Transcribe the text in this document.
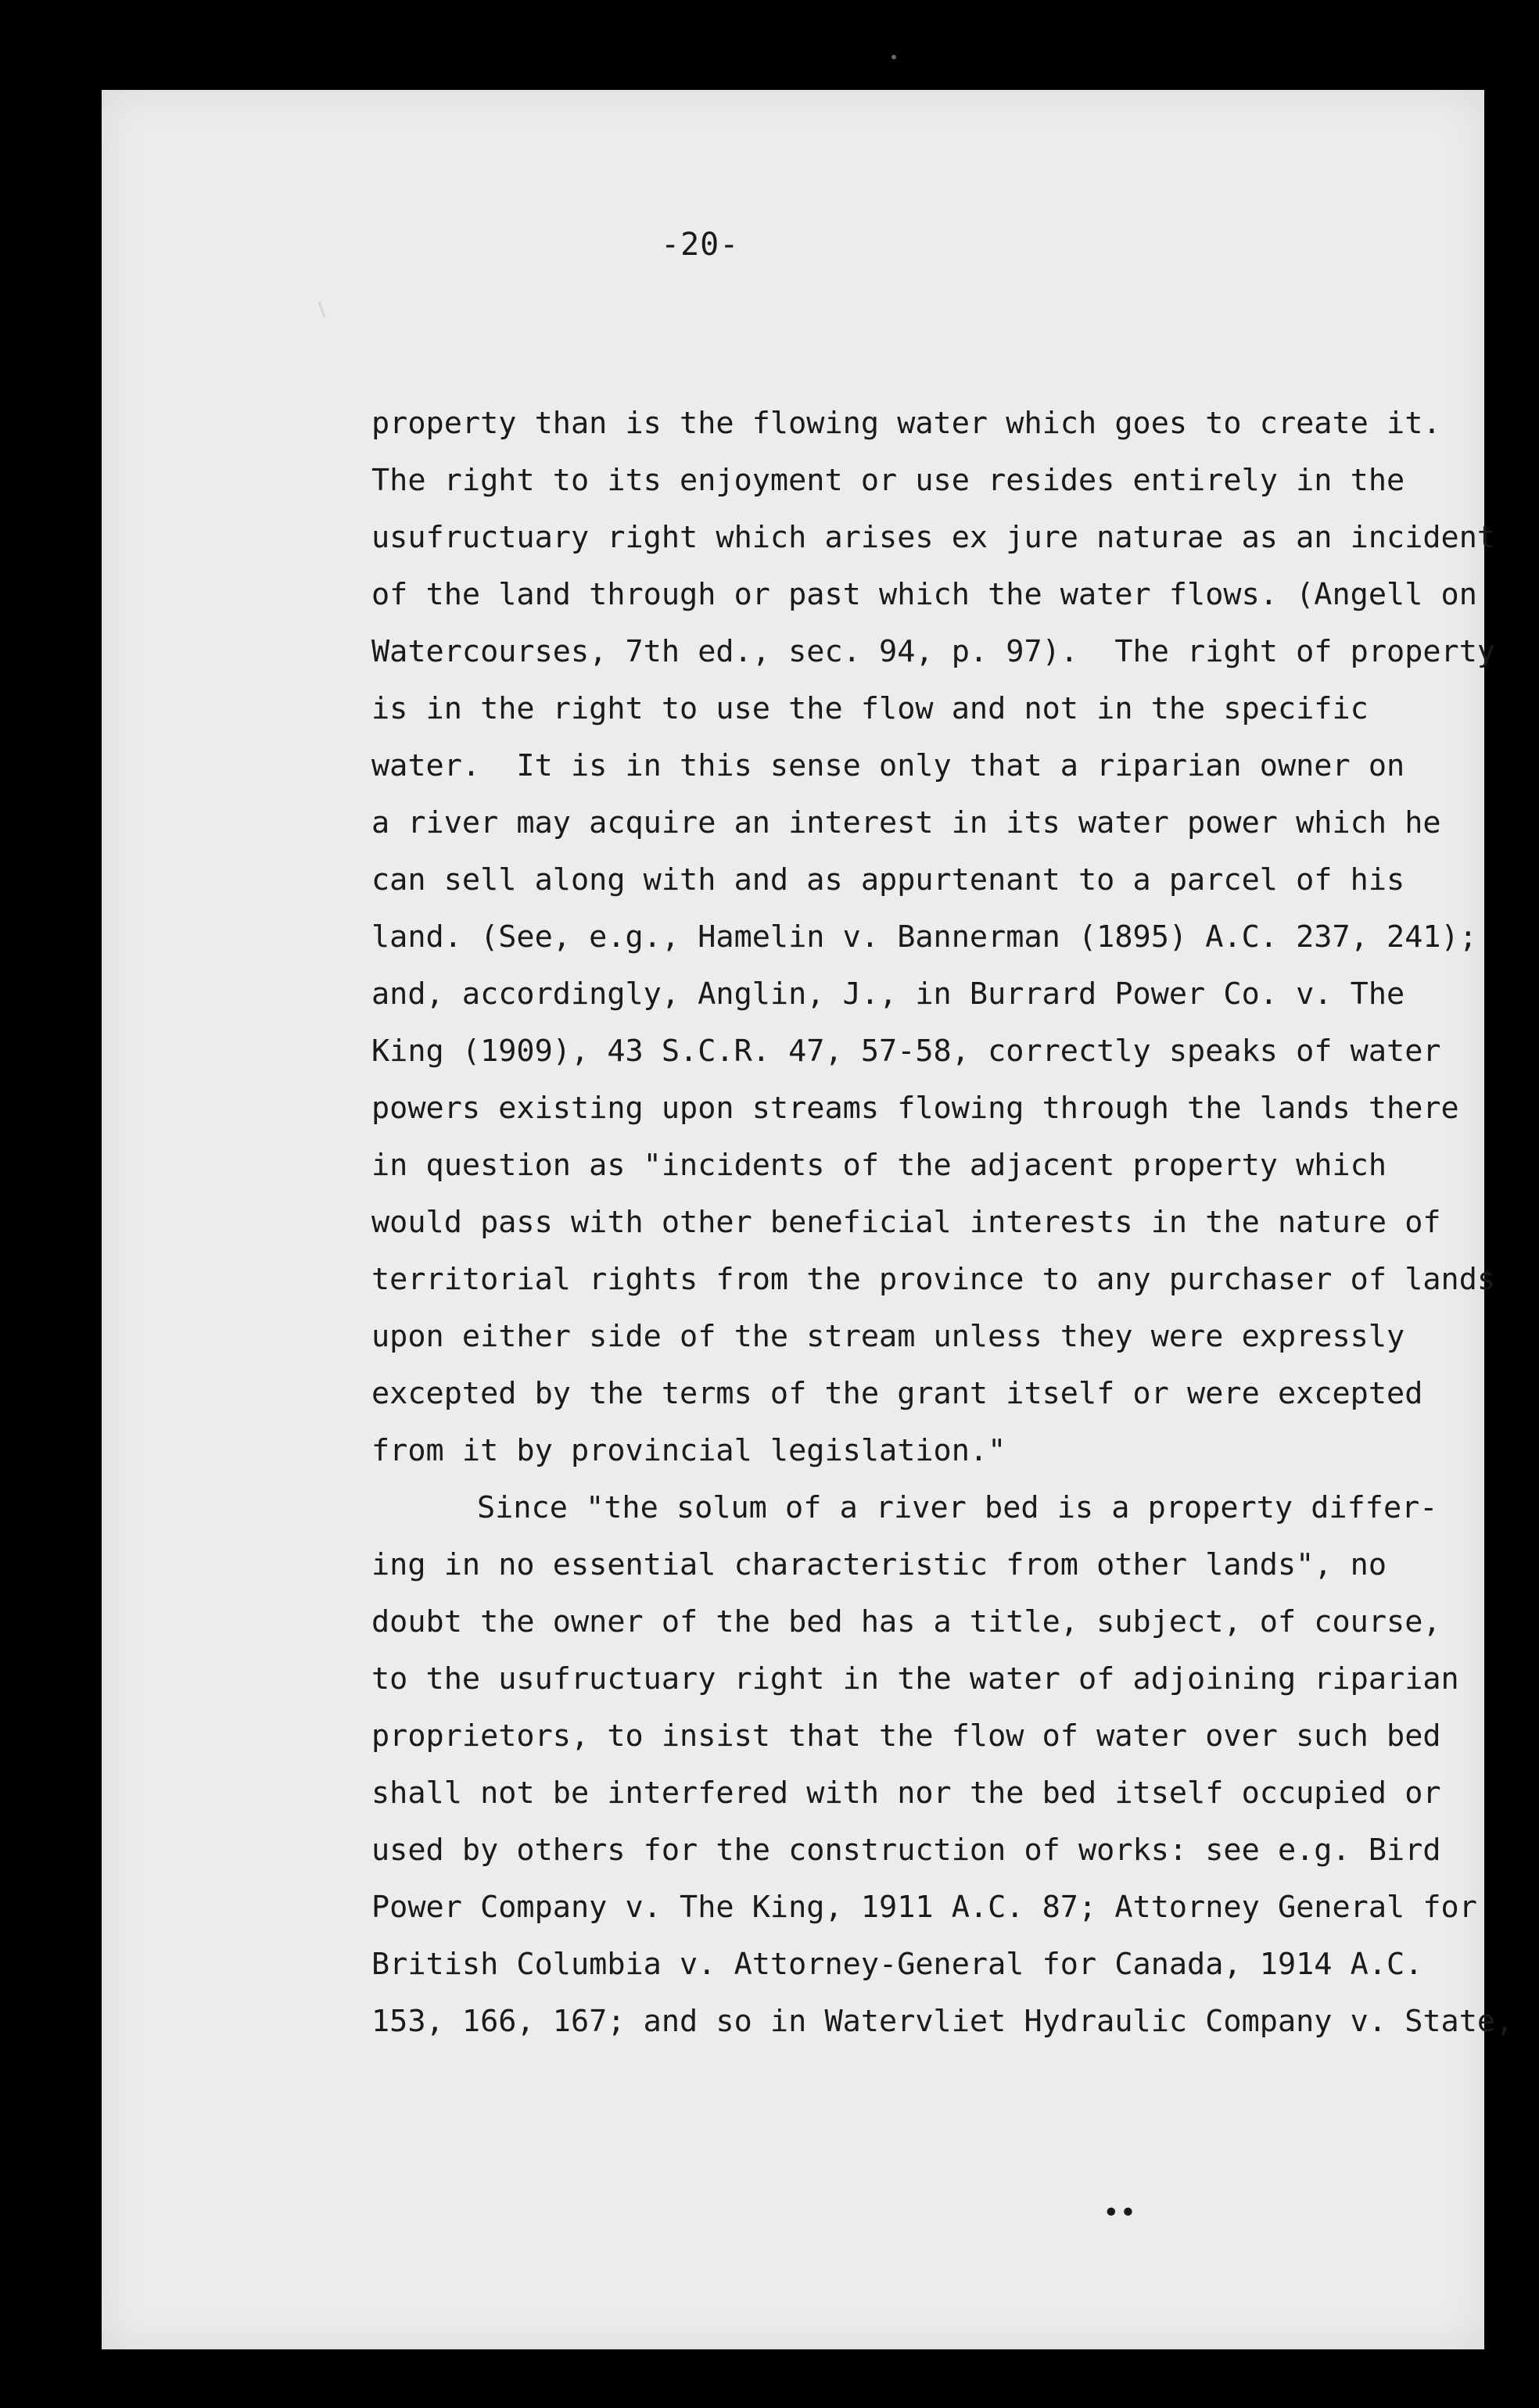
-20-
property than is the flowing water which goes to create it.
The right to its enjoyment or use resides entirely in the
usufructuary right which arises ex jure naturae as an incident
of the land through or past which the water flows. (Angell on
Watercourses, 7th ed., sec. 94, p. 97).  The right of property
is in the right to use the flow and not in the specific
water.  It is in this sense only that a riparian owner on
a river may acquire an interest in its water power which he
can sell along with and as appurtenant to a parcel of his
land. (See, e.g., Hamelin v. Bannerman (1895) A.C. 237, 241);
and, accordingly, Anglin, J., in Burrard Power Co. v. The
King (1909), 43 S.C.R. 47, 57-58, correctly speaks of water
powers existing upon streams flowing through the lands there
in question as "incidents of the adjacent property which
would pass with other beneficial interests in the nature of
territorial rights from the province to any purchaser of lands
upon either side of the stream unless they were expressly
excepted by the terms of the grant itself or were excepted
from it by provincial legislation."
Since "the solum of a river bed is a property differ-
ing in no essential characteristic from other lands", no
doubt the owner of the bed has a title, subject, of course,
to the usufructuary right in the water of adjoining riparian
proprietors, to insist that the flow of water over such bed
shall not be interfered with nor the bed itself occupied or
used by others for the construction of works: see e.g. Bird
Power Company v. The King, 1911 A.C. 87; Attorney General for
British Columbia v. Attorney-General for Canada, 1914 A.C.
153, 166, 167; and so in Watervliet Hydraulic Company v. State,
••
